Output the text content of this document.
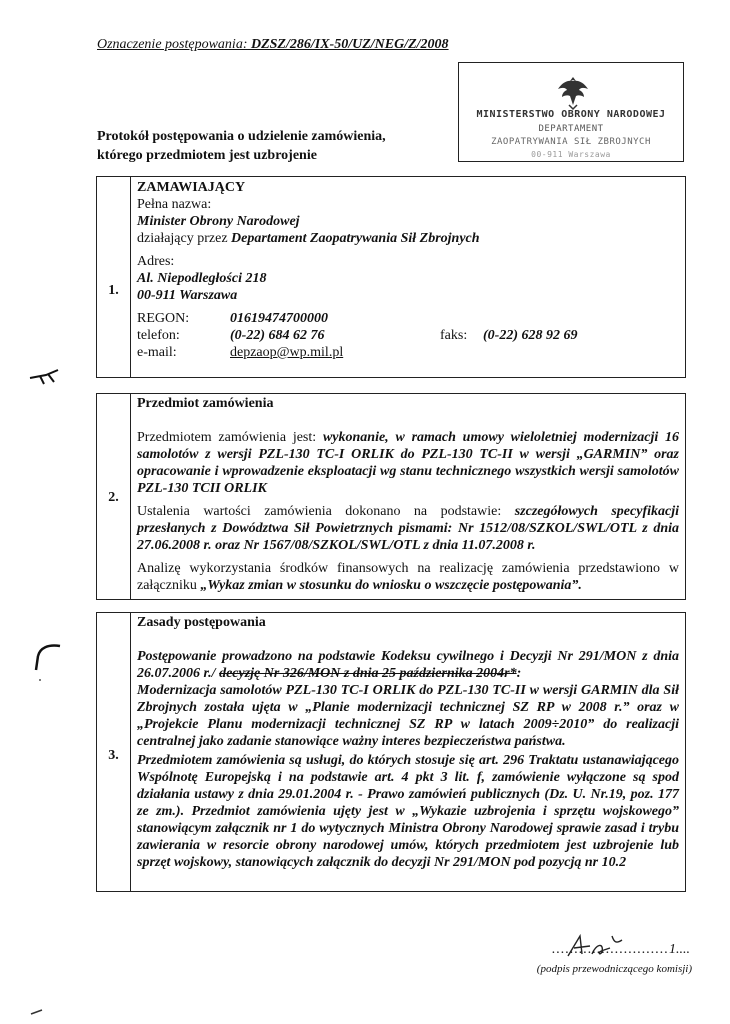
Oznaczenie postępowania: DZSZ/286/IX-50/UZ/NEG/Z/2008
MINISTERSTWO OBRONY NARODOWEJ
DEPARTAMENT
ZAOPATRYWANIA SIŁ ZBROJNYCH
00-911 Warszawa
Protokół postępowania o udzielenie zamówienia,
którego przedmiotem jest uzbrojenie
1.

ZAMAWIAJĄCY

Pełna nazwa:

Minister Obrony Narodowej

działający przez Departament Zaopatrywania Sił Zbrojnych

Adres:

Al. Niepodległości 218

00-911 Warszawa

REGON:	01619474700000
telefon:	(0-22) 684 62 76	faks: (0-22) 628 92 69
e-mail:	depzaop@wp.mil.pl
2.

Przedmiot zamówienia

Przedmiotem zamówienia jest: wykonanie, w ramach umowy wieloletniej modernizacji 16 samolotów z wersji PZL-130 TC-I ORLIK do PZL-130 TC-II w wersji „GARMIN” oraz opracowanie i wprowadzenie eksploatacji wg stanu technicznego wszystkich wersji samolotów PZL-130 TCII ORLIK

Ustalenia wartości zamówienia dokonano na podstawie: szczegółowych specyfikacji przesłanych z Dowództwa Sił Powietrznych pismami: Nr 1512/08/SZKOL/SWL/OTL z dnia 27.06.2008 r. oraz Nr 1567/08/SZKOL/SWL/OTL z dnia 11.07.2008 r.

Analizę wykorzystania środków finansowych na realizację zamówienia przedstawiono w załączniku „Wykaz zmian w stosunku do wniosku o wszczęcie postępowania”.

3.

Zasady postępowania

Postępowanie prowadzono na podstawie Kodeksu cywilnego i Decyzji Nr 291/MON z dnia 26.07.2006 r./ decyzję Nr 326/MON z dnia 25 października 2004r*:

Modernizacja samolotów PZL-130 TC-I ORLIK do PZL-130 TC-II w wersji GARMIN dla Sił Zbrojnych została ujęta w „Planie modernizacji technicznej SZ RP w 2008 r.” oraz w „Projekcie Planu modernizacji technicznej SZ RP w latach 2009÷2010” do realizacji centralnej jako zadanie stanowiące ważny interes bezpieczeństwa państwa.

Przedmiotem zamówienia są usługi, do których stosuje się art. 296 Traktatu ustanawiającego Wspólnotę Europejską i na podstawie art. 4 pkt 3 lit. f, zamówienie wyłączone są spod działania ustawy z dnia 29.01.2004 r. - Prawo zamówień publicznych (Dz. U. Nr.19, poz. 177 ze zm.). Przedmiot zamówienia ujęty jest w „Wykazie uzbrojenia i sprzętu wojskowego” stanowiącym załącznik nr 1 do wytycznych Ministra Obrony Narodowej sprawie zasad i trybu zawierania w resorcie obrony narodowej umów, których przedmiotem jest uzbrojenie lub sprzęt wojskowy, stanowiących załącznik do decyzji Nr 291/MON pod pozycją nr 10.2

..........................1....
(podpis przewodniczącego komisji)
